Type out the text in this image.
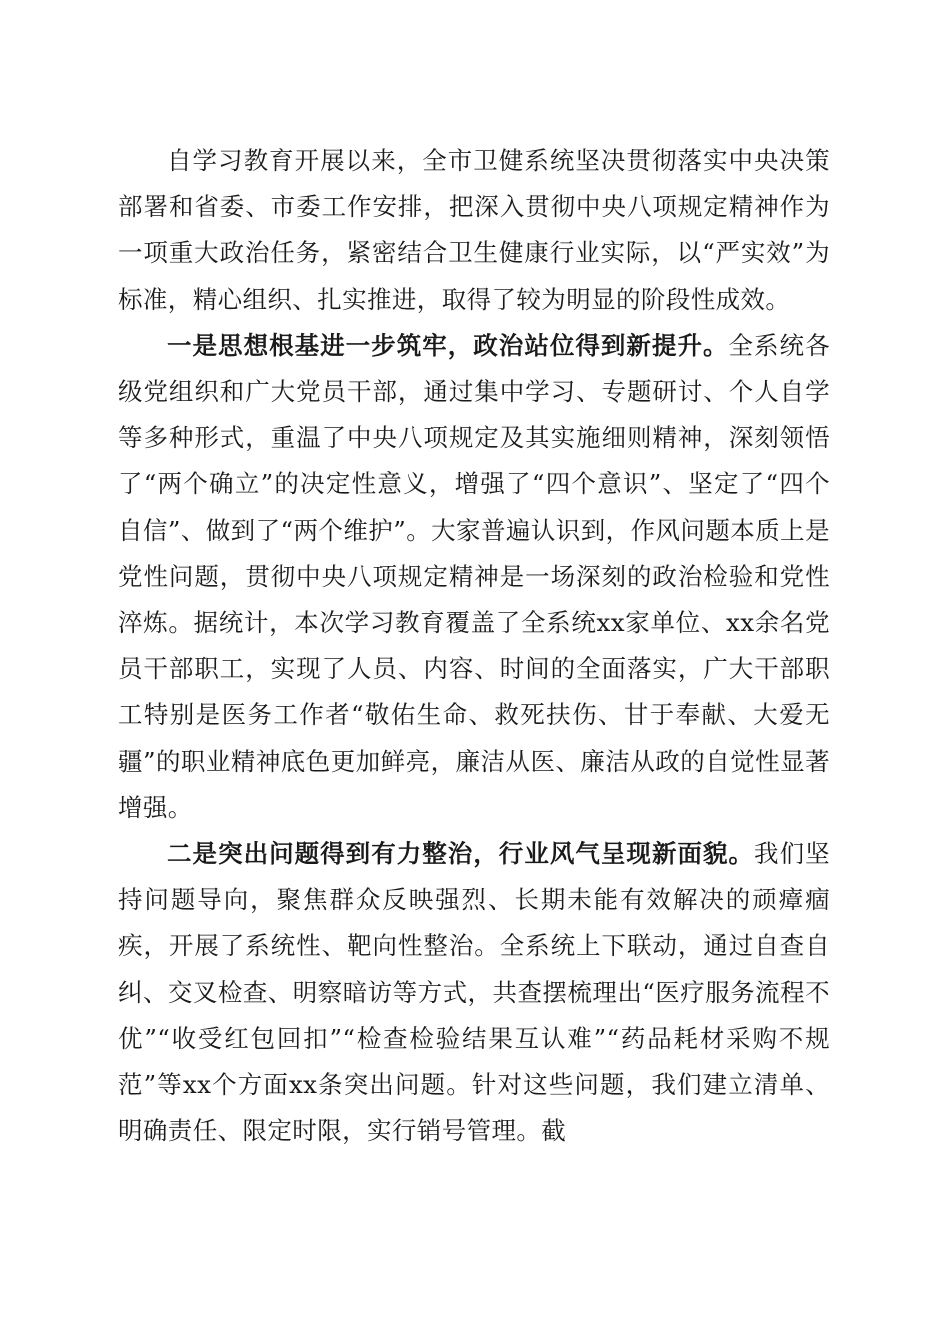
自学习教育开展以来，全市卫健系统坚决贯彻落实中央决策部署和省委、市委工作安排，把深入贯彻中央八项规定精神作为一项重大政治任务，紧密结合卫生健康行业实际，以“严实效”为标准，精心组织、扎实推进，取得了较为明显的阶段性成效。

一是思想根基进一步筑牢，政治站位得到新提升。全系统各级党组织和广大党员干部，通过集中学习、专题研讨、个人自学等多种形式，重温了中央八项规定及其实施细则精神，深刻领悟了“两个确立”的决定性意义，增强了“四个意识”、坚定了“四个自信”、做到了“两个维护”。大家普遍认识到，作风问题本质上是党性问题，贯彻中央八项规定精神是一场深刻的政治检验和党性淬炼。据统计，本次学习教育覆盖了全系统xx家单位、xx余名党员干部职工，实现了人员、内容、时间的全面落实，广大干部职工特别是医务工作者“敬佑生命、救死扶伤、甘于奉献、大爱无疆”的职业精神底色更加鲜亮，廉洁从医、廉洁从政的自觉性显著增强。

二是突出问题得到有力整治，行业风气呈现新面貌。我们坚持问题导向，聚焦群众反映强烈、长期未能有效解决的顽瘴痼疾，开展了系统性、靶向性整治。全系统上下联动，通过自查自纠、交叉检查、明察暗访等方式，共查摆梳理出“医疗服务流程不优”“收受红包回扣”“检查检验结果互认难”“药品耗材采购不规范”等xx个方面xx条突出问题。针对这些问题，我们建立清单、明确责任、限定时限，实行销号管理。截
